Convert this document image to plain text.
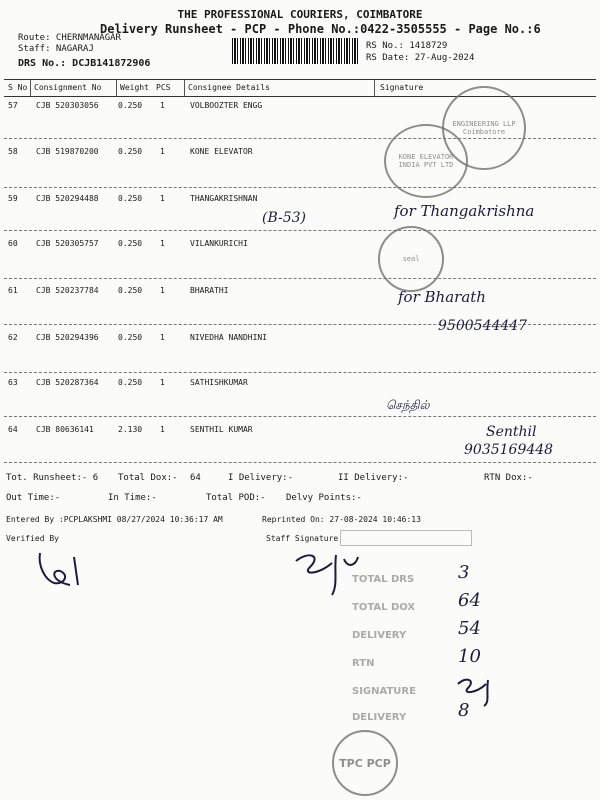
THE PROFESSIONAL COURIERS, COIMBATORE
Delivery Runsheet - PCP - Phone No.:0422-3505555 - Page No.:6
Route: CHERNMANAGAR
Staff: NAGARAJ
DRS No.: DCJB141872906
RS No.: 1418729
RS Date: 27-Aug-2024
S No Consignment No Weight PCS Consignee Details	Signature
57 CJB 520303056 0.250 1	VOLBOOZTER ENGG
58 CJB 519870200 0.250 1	KONE ELEVATOR
59 CJB 520294488 0.250 1	THANGAKRISHNAN
60 CJB 520305757 0.250 1	VILANKURICHI
61 CJB 520237784 0.250 1	BHARATHI
62 CJB 520294396 0.250 1	NIVEDHA NANDHINI
63 CJB 520287364 0.250 1	SATHISHKUMAR
64 CJB 80636141	2.130 1	SENTHIL KUMAR
ENGINEERING LLP Coimbatore
KONE ELEVATOR INDIA PVT LTD
seal
(B-53)	for Thangakrishna
for Bharath
9500544447
செந்தில்
Senthil
9035169448
Tot. Runsheet:- 6 Total Dox:- 64	I Delivery:-	II Delivery:-	RTN Dox:-
Out Time:-	In Time:-	Total POD:- Delvy Points:-
Entered By :PCPLAKSHMI 08/27/2024 10:36:17 AM	Reprinted On: 27-08-2024 10:46:13
Verified By	Staff Signature
TOTAL DRS 3
TOTAL DOX 64
DELIVERY	54
RTN	10
SIGNATURE
DELIVERY	8
TPC PCP
